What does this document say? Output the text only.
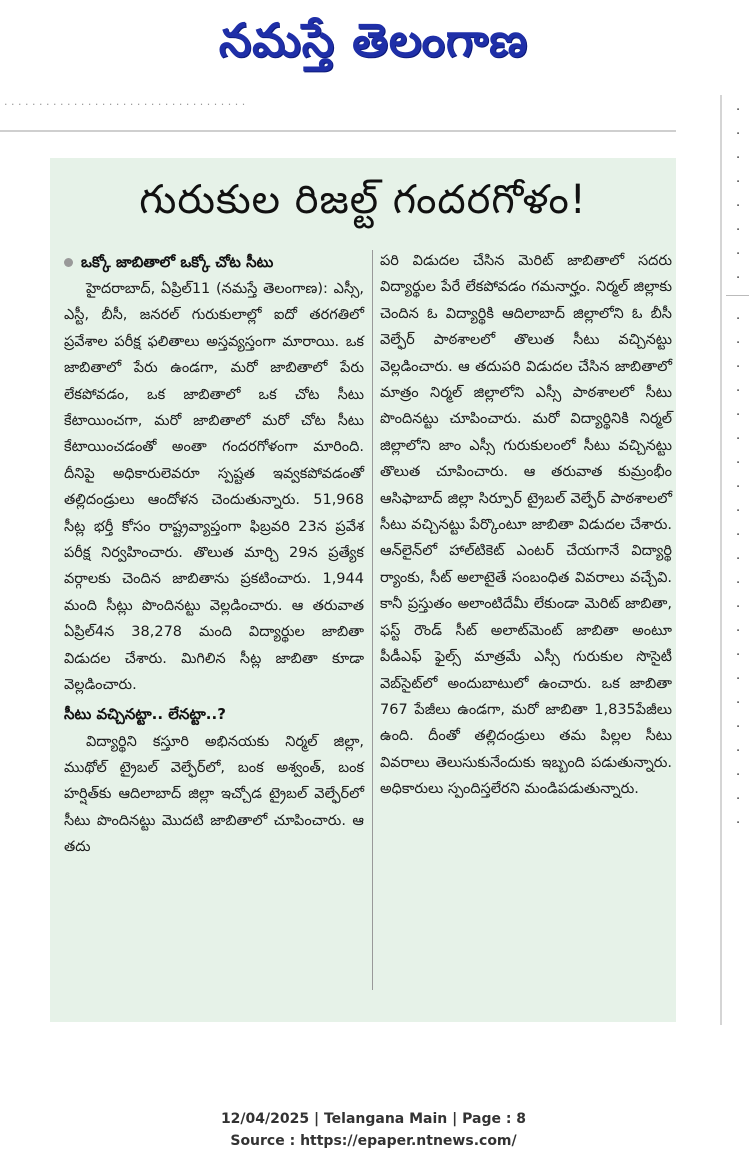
నమస్తే తెలంగాణ
. . . . . . . . . . . . . . . . . . . . . . . . . . . . . . . . . . .	.
.
.
.
.
.
.
.
.
.
.
.
.
.
.
.
.
.
.
.
.
.
.
.
.
.
.
.
.
.
గురుకుల రిజల్ట్ గందరగోళం!

ఒక్కో జాబితాలో ఒక్కో చోట సీటు

హైదరాబాద్, ఏప్రిల్11 (నమస్తే తెలంగాణ): ఎస్సీ, ఎస్టీ, బీసీ, జనరల్ గురుకులాల్లో ఐదో తరగతిలో ప్రవేశాల పరీక్ష ఫలితాలు అస్తవ్యస్తంగా మారాయి. ఒక జాబితాలో పేరు ఉండగా, మరో జాబితాలో పేరు లేకపోవడం, ఒక జాబితాలో ఒక చోట సీటు కేటాయించగా, మరో జాబితాలో మరో చోట సీటు కేటాయించడంతో అంతా గందరగోళంగా మారింది. దీనిపై అధికారులెవరూ స్పష్టత ఇవ్వకపోవడంతో తల్లిదండ్రులు ఆందోళన చెందుతున్నారు. 51,968 సీట్ల భర్తీ కోసం రాష్ట్రవ్యాప్తంగా ఫిబ్రవరి 23న ప్రవేశ పరీక్ష నిర్వహించారు. తొలుత మార్చి 29న ప్రత్యేక వర్గాలకు చెందిన జాబితాను ప్రకటించారు. 1,944 మంది సీట్లు పొందినట్టు వెల్లడించారు. ఆ తరువాత ఏప్రిల్4న 38,278 మంది విద్యార్థుల జాబితా విడుదల చేశారు. మిగిలిన సీట్ల జాబితా కూడా వెల్లడించారు.

సీటు వచ్చినట్టా.. లేనట్టా..?

విద్యార్థిని కస్తూరి అభినయకు నిర్మల్ జిల్లా, ముథోల్ ట్రైబల్ వెల్ఫేర్‌లో, బంక అశ్వంత్, బంక హర్షిత్‌కు ఆదిలాబాద్ జిల్లా ఇచ్చోడ ట్రైబల్ వెల్ఫేర్‌లో సీటు పొందినట్టు మొదటి జాబితాలో చూపించారు. ఆ తదు

పరి విడుదల చేసిన మెరిట్ జాబితాలో సదరు విద్యార్థుల పేరే లేకపోవడం గమనార్హం. నిర్మల్ జిల్లాకు చెందిన ఓ విద్యార్థికి ఆదిలాబాద్ జిల్లాలోని ఓ బీసీ వెల్ఫేర్ పాఠశాలలో తొలుత సీటు వచ్చినట్టు వెల్లడించారు. ఆ తదుపరి విడుదల చేసిన జాబితాలో మాత్రం నిర్మల్ జిల్లాలోని ఎస్సీ పాఠశాలలో సీటు పొందినట్టు చూపించారు. మరో విద్యార్థినికి నిర్మల్ జిల్లాలోని జాం ఎస్సీ గురుకులంలో సీటు వచ్చినట్టు తొలుత చూపించారు. ఆ తరువాత కుమ్రంభీం ఆసిఫాబాద్ జిల్లా సిర్పూర్ ట్రైబల్ వెల్ఫేర్ పాఠశాలలో సీటు వచ్చినట్టు పేర్కొంటూ జాబితా విడుదల చేశారు. ఆన్‌లైన్‌లో హాల్‌టికెట్ ఎంటర్ చేయగానే విద్యార్థి ర్యాంకు, సీట్ అలాటైతే సంబంధిత వివరాలు వచ్చేవి. కానీ ప్రస్తుతం అలాంటిదేమీ లేకుండా మెరిట్ జాబితా, ఫస్ట్ రౌండ్ సీట్ అలాట్‌మెంట్ జాబితా అంటూ పీడీఎఫ్ ఫైల్స్ మాత్రమే ఎస్సీ గురుకుల సొసైటీ వెబ్‌సైట్‌లో అందుబాటులో ఉంచారు. ఒక జాబితా 767 పేజీలు ఉండగా, మరో జాబితా 1,835పేజీలు ఉంది. దీంతో తల్లిదండ్రులు తమ పిల్లల సీటు వివరాలు తెలుసుకునేందుకు ఇబ్బంది పడుతున్నారు. అధికారులు స్పందిస్తలేరని మండిపడుతున్నారు.

12/04/2025 | Telangana Main | Page : 8
Source : https://epaper.ntnews.com/
